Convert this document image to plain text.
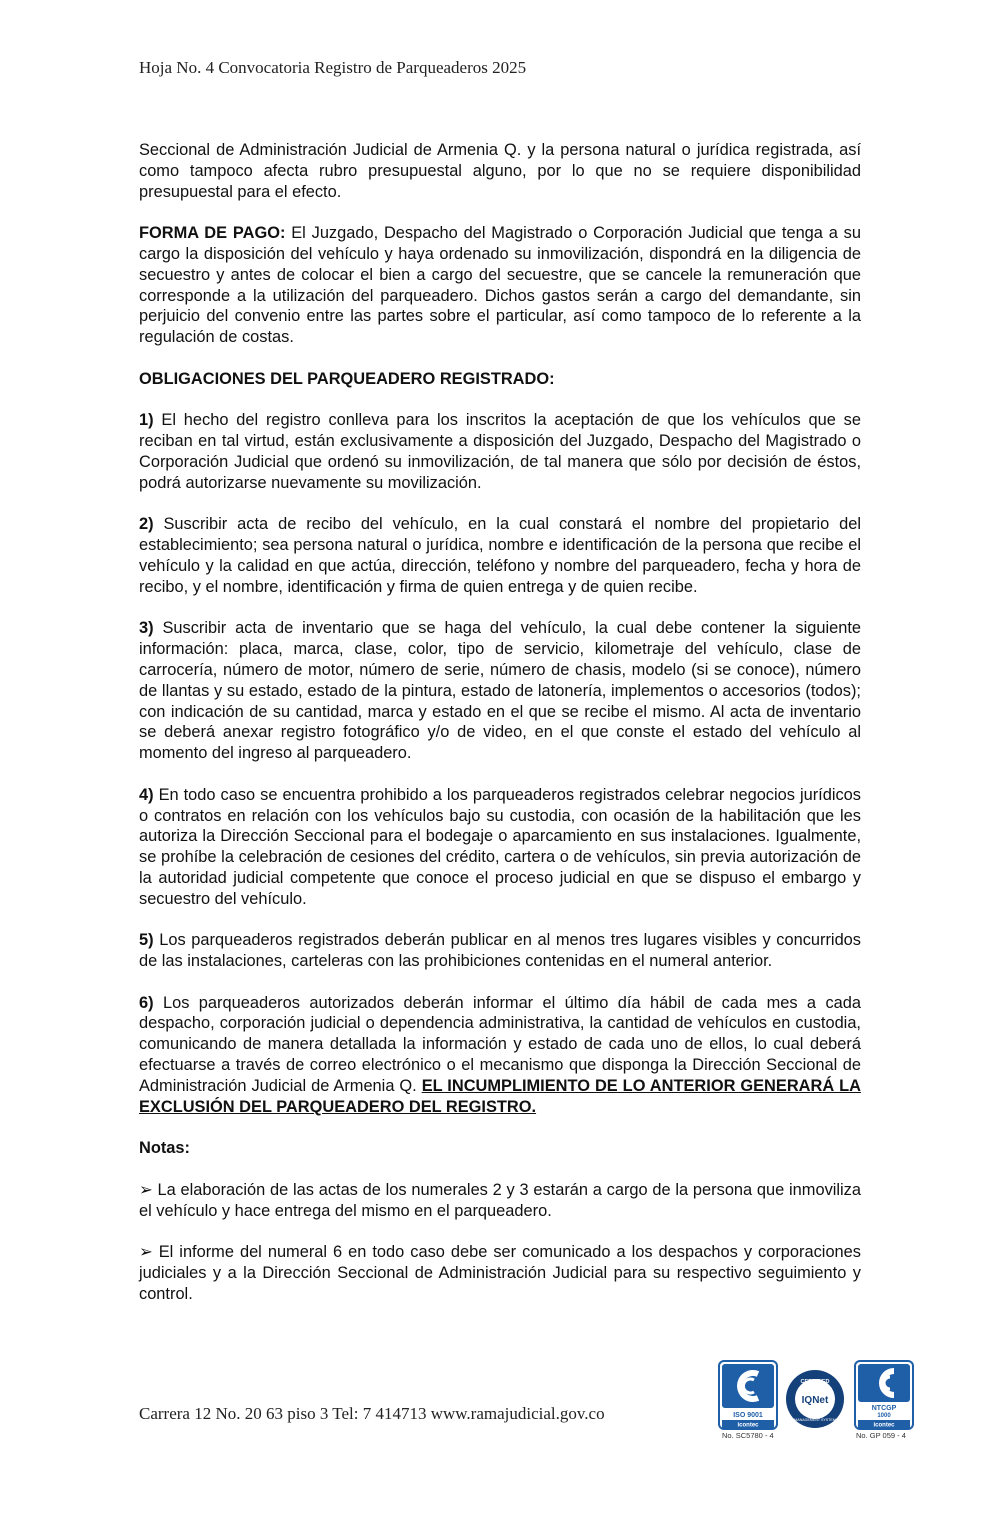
Hoja No. 4 Convocatoria Registro de Parqueaderos 2025

Seccional de Administración Judicial de Armenia Q. y la persona natural o jurídica registrada, así como tampoco afecta rubro presupuestal alguno, por lo que no se requiere disponibilidad presupuestal para el efecto.

FORMA DE PAGO: El Juzgado, Despacho del Magistrado o Corporación Judicial que tenga a su cargo la disposición del vehículo y haya ordenado su inmovilización, dispondrá en la diligencia de secuestro y antes de colocar el bien a cargo del secuestre, que se cancele la remuneración que corresponde a la utilización del parqueadero. Dichos gastos serán a cargo del demandante, sin perjuicio del convenio entre las partes sobre el particular, así como tampoco de lo referente a la regulación de costas.

OBLIGACIONES DEL PARQUEADERO REGISTRADO:

1) El hecho del registro conlleva para los inscritos la aceptación de que los vehículos que se reciban en tal virtud, están exclusivamente a disposición del Juzgado, Despacho del Magistrado o Corporación Judicial que ordenó su inmovilización, de tal manera que sólo por decisión de éstos, podrá autorizarse nuevamente su movilización.

2) Suscribir acta de recibo del vehículo, en la cual constará el nombre del propietario del establecimiento; sea persona natural o jurídica, nombre e identificación de la persona que recibe el vehículo y la calidad en que actúa, dirección, teléfono y nombre del parqueadero, fecha y hora de recibo, y el nombre, identificación y firma de quien entrega y de quien recibe.

3) Suscribir acta de inventario que se haga del vehículo, la cual debe contener la siguiente información: placa, marca, clase, color, tipo de servicio, kilometraje del vehículo, clase de carrocería, número de motor, número de serie, número de chasis, modelo (si se conoce), número de llantas y su estado, estado de la pintura, estado de latonería, implementos o accesorios (todos); con indicación de su cantidad, marca y estado en el que se recibe el mismo. Al acta de inventario se deberá anexar registro fotográfico y/o de video, en el que conste el estado del vehículo al momento del ingreso al parqueadero.

4) En todo caso se encuentra prohibido a los parqueaderos registrados celebrar negocios jurídicos o contratos en relación con los vehículos bajo su custodia, con ocasión de la habilitación que les autoriza la Dirección Seccional para el bodegaje o aparcamiento en sus instalaciones. Igualmente, se prohíbe la celebración de cesiones del crédito, cartera o de vehículos, sin previa autorización de la autoridad judicial competente que conoce el proceso judicial en que se dispuso el embargo y secuestro del vehículo.

5) Los parqueaderos registrados deberán publicar en al menos tres lugares visibles y concurridos de las instalaciones, carteleras con las prohibiciones contenidas en el numeral anterior.

6) Los parqueaderos autorizados deberán informar el último día hábil de cada mes a cada despacho, corporación judicial o dependencia administrativa, la cantidad de vehículos en custodia, comunicando de manera detallada la información y estado de cada uno de ellos, lo cual deberá efectuarse a través de correo electrónico o el mecanismo que disponga la Dirección Seccional de Administración Judicial de Armenia Q. EL INCUMPLIMIENTO DE LO ANTERIOR GENERARÁ LA EXCLUSIÓN DEL PARQUEADERO DEL REGISTRO.

Notas:

➢ La elaboración de las actas de los numerales 2 y 3 estarán a cargo de la persona que inmoviliza el vehículo y hace entrega del mismo en el parqueadero.

➢ El informe del numeral 6 en todo caso debe ser comunicado a los despachos y corporaciones judiciales y a la Dirección Seccional de Administración Judicial para su respectivo seguimiento y control.

Carrera 12 No. 20 63 piso 3 Tel: 7 414713 www.ramajudicial.gov.co	ISO 9001
icontec
CERTIFIED
IQNet
MANAGEMENT SYSTEM
NTCGP
1000
icontec
No. SC5780 - 4	No. GP 059 - 4
